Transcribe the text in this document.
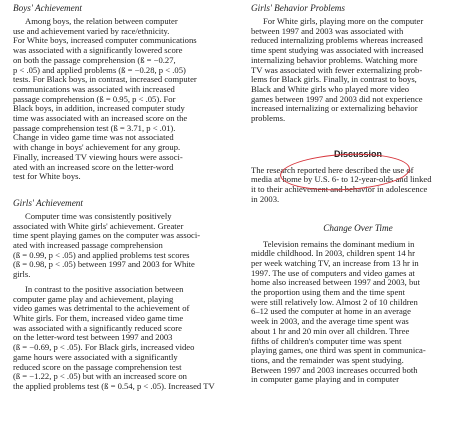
Boys' Achievement

Among boys, the relation between computer
use and achievement varied by race/ethnicity.
For White boys, increased computer communications
was associated with a significantly lowered score
on both the passage comprehension (ß = −0.27,
p < .05) and applied problems (ß = −0.28, p < .05)
tests. For Black boys, in contrast, increased computer
communications was associated with increased
passage comprehension (ß = 0.95, p < .05). For
Black boys, in addition, increased computer study
time was associated with an increased score on the
passage comprehension test (ß = 3.71, p < .01).
Change in video game time was not associated
with change in boys' achievement for any group.
Finally, increased TV viewing hours were associ-
ated with an increased score on the letter-word
test for White boys.

Girls' Achievement

Computer time was consistently positively
associated with White girls' achievement. Greater
time spent playing games on the computer was associ-
ated with increased passage comprehension
(ß = 0.99, p < .05) and applied problems test scores
(ß = 0.98, p < .05) between 1997 and 2003 for White
girls.
In contrast to the positive association between
computer game play and achievement, playing
video games was detrimental to the achievement of
White girls. For them, increased video game time
was associated with a significantly reduced score
on the letter-word test between 1997 and 2003
(ß = −0.69, p < .05). For Black girls, increased video
game hours were associated with a significantly
reduced score on the passage comprehension test
(ß = −1.22, p < .05) but with an increased score on
the applied problems test (ß = 0.54, p < .05). Increased TV

Girls' Behavior Problems

For White girls, playing more on the computer
between 1997 and 2003 was associated with
reduced internalizing problems whereas increased
time spent studying was associated with increased
internalizing behavior problems. Watching more
TV was associated with fewer externalizing prob-
lems for Black girls. Finally, in contrast to boys,
Black and White girls who played more video
games between 1997 and 2003 did not experience
increased internalizing or externalizing behavior
problems.

Discussion

The research reported here described the use of
media at home by U.S. 6- to 12-year-olds and linked
it to their achievement and behavior in adolescence
in 2003.

Change Over Time

Television remains the dominant medium in
middle childhood. In 2003, children spent 14 hr
per week watching TV, an increase from 13 hr in
1997. The use of computers and video games at
home also increased between 1997 and 2003, but
the proportion using them and the time spent
were still relatively low. Almost 2 of 10 children
6–12 used the computer at home in an average
week in 2003, and the average time spent was
about 1 hr and 20 min over all children. Three
fifths of children's computer time was spent
playing games, one third was spent in communica-
tions, and the remainder was spent studying.
Between 1997 and 2003 increases occurred both
in computer game playing and in computer
